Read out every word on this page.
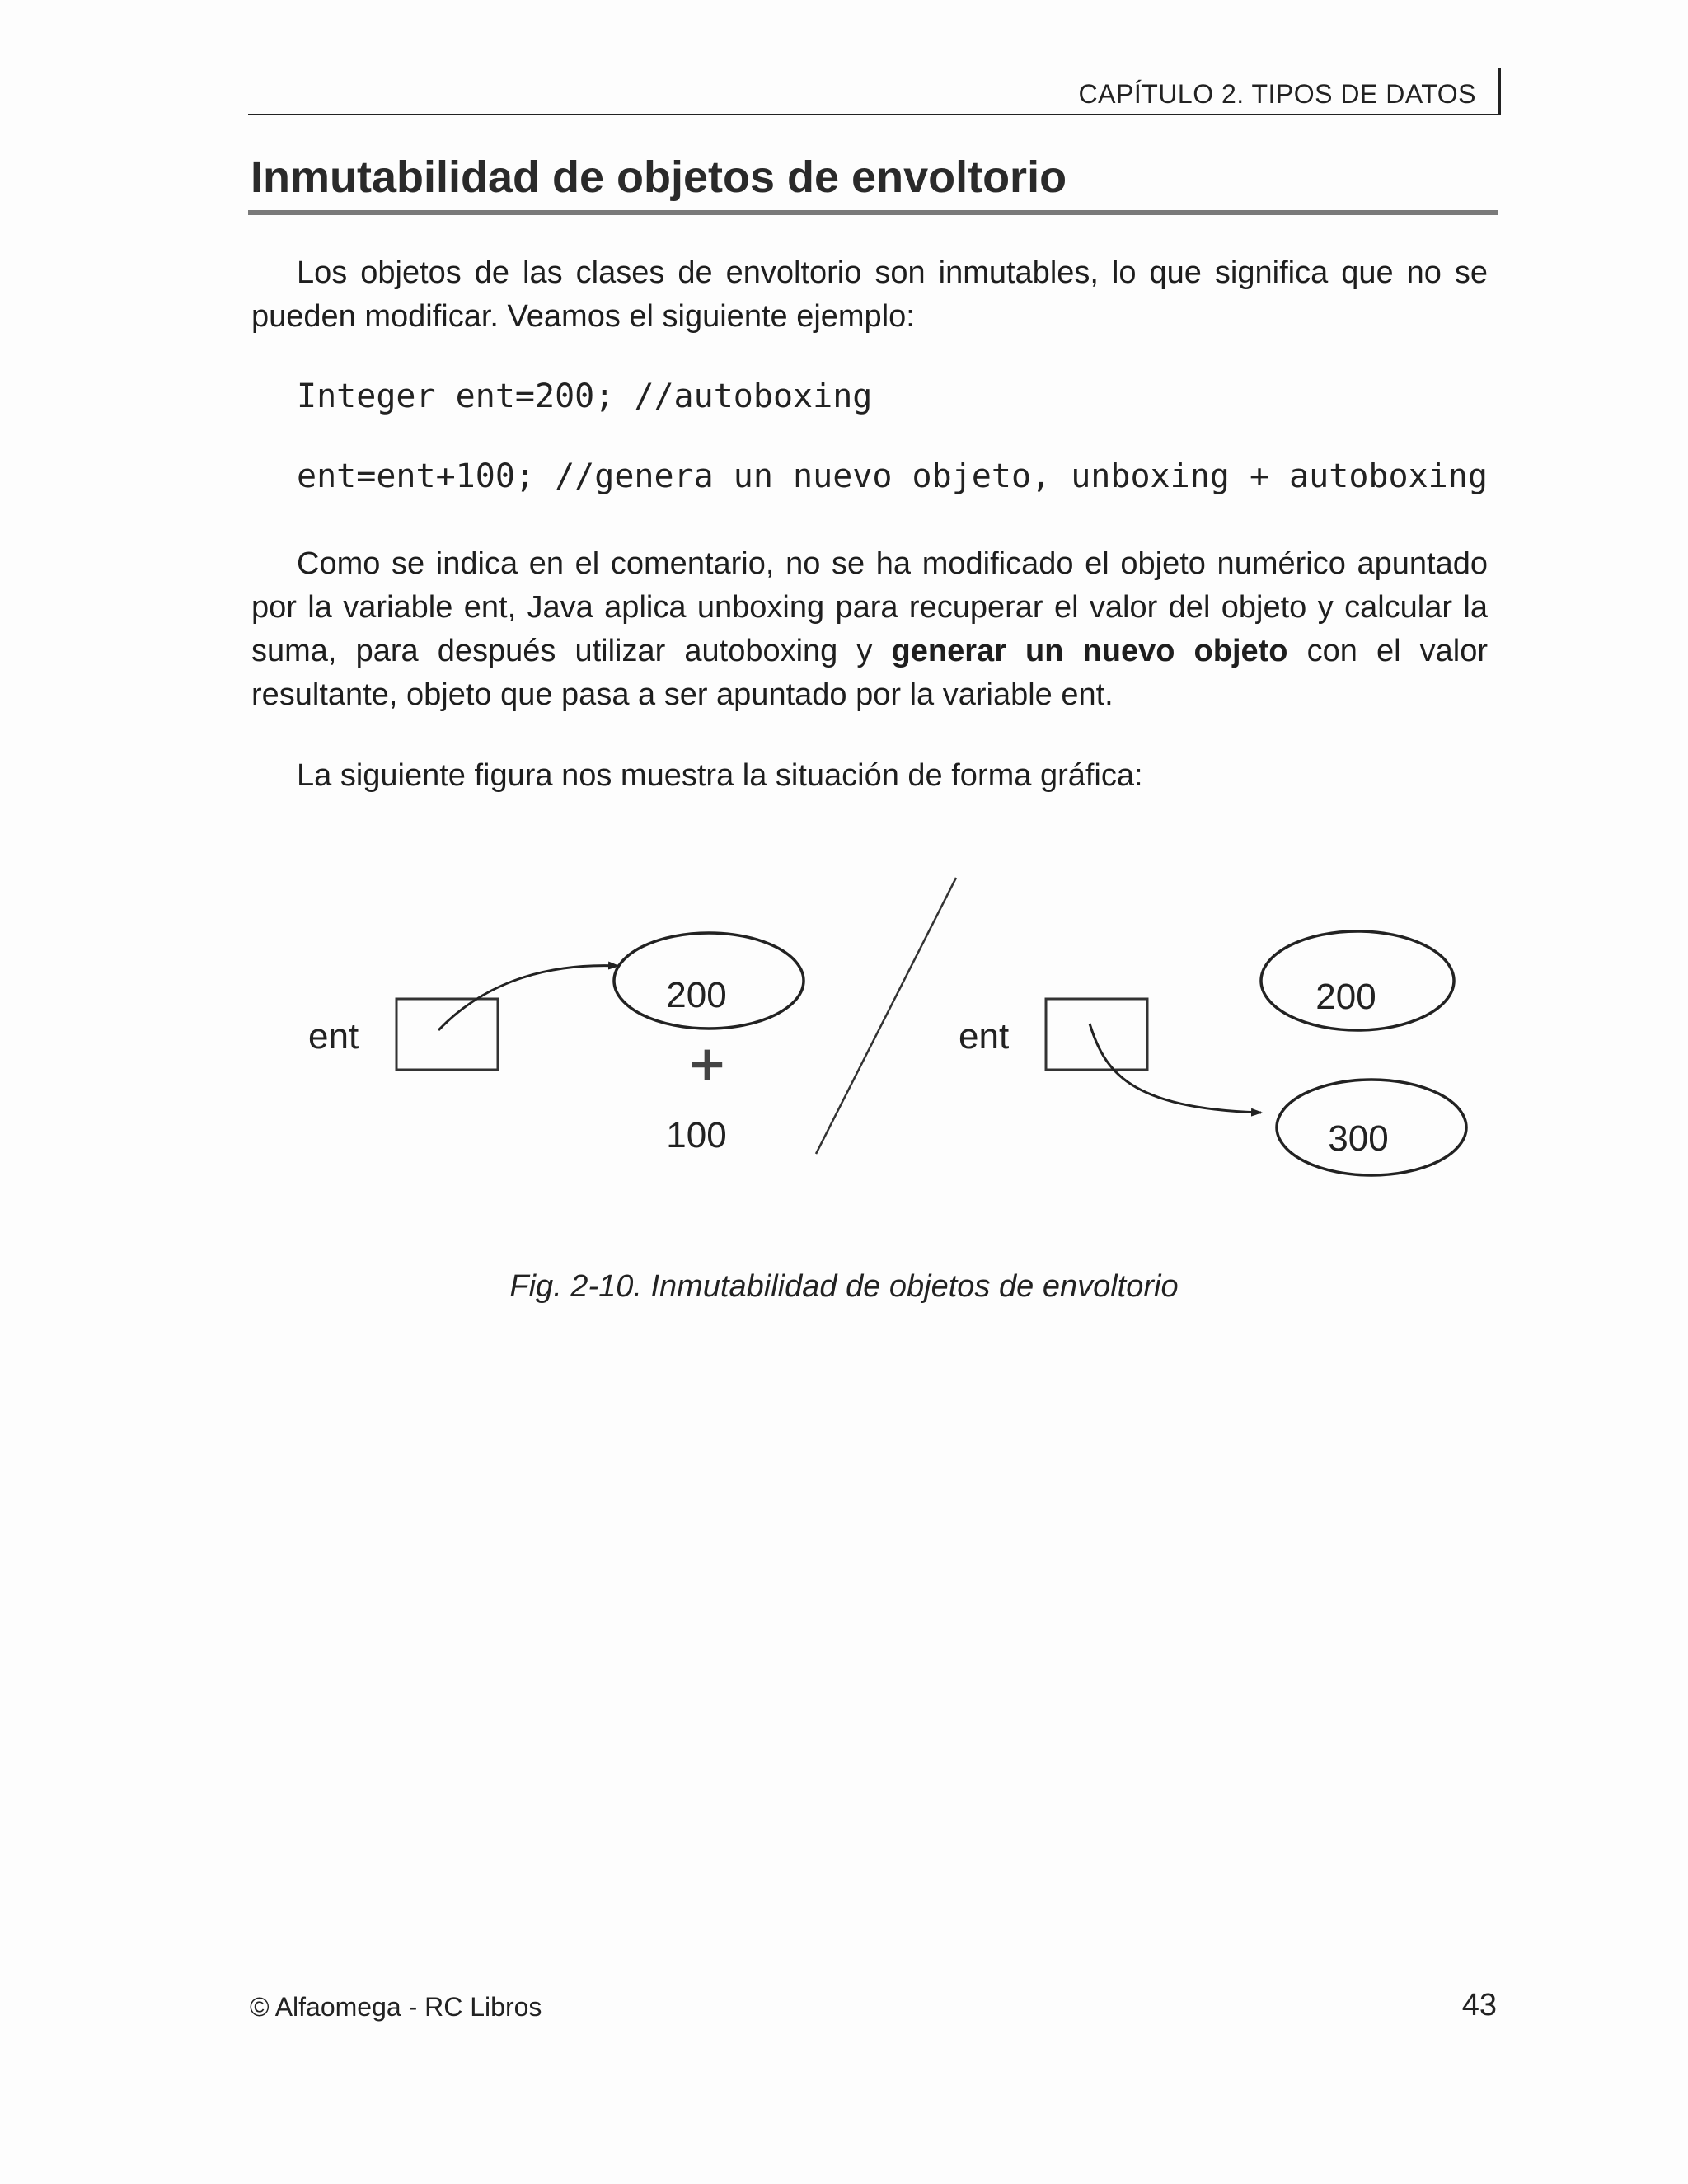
CAPÍTULO 2. TIPOS DE DATOS
Inmutabilidad de objetos de envoltorio

Los objetos de las clases de envoltorio son inmutables, lo que significa que no se pueden modificar. Veamos el siguiente ejemplo:

Integer ent=200; //autoboxing
ent=ent+100; //genera un nuevo objeto, unboxing + autoboxing

Como se indica en el comentario, no se ha modificado el objeto numérico apuntado por la variable ent, Java aplica unboxing para recuperar el valor del objeto y calcular la suma, para después utilizar autoboxing y generar un nuevo objeto con el valor resultante, objeto que pasa a ser apuntado por la variable ent.

La siguiente figura nos muestra la situación de forma gráfica:

ent
200
+
100
ent
200
300
Fig. 2-10. Inmutabilidad de objetos de envoltorio
© Alfaomega - RC Libros	43
